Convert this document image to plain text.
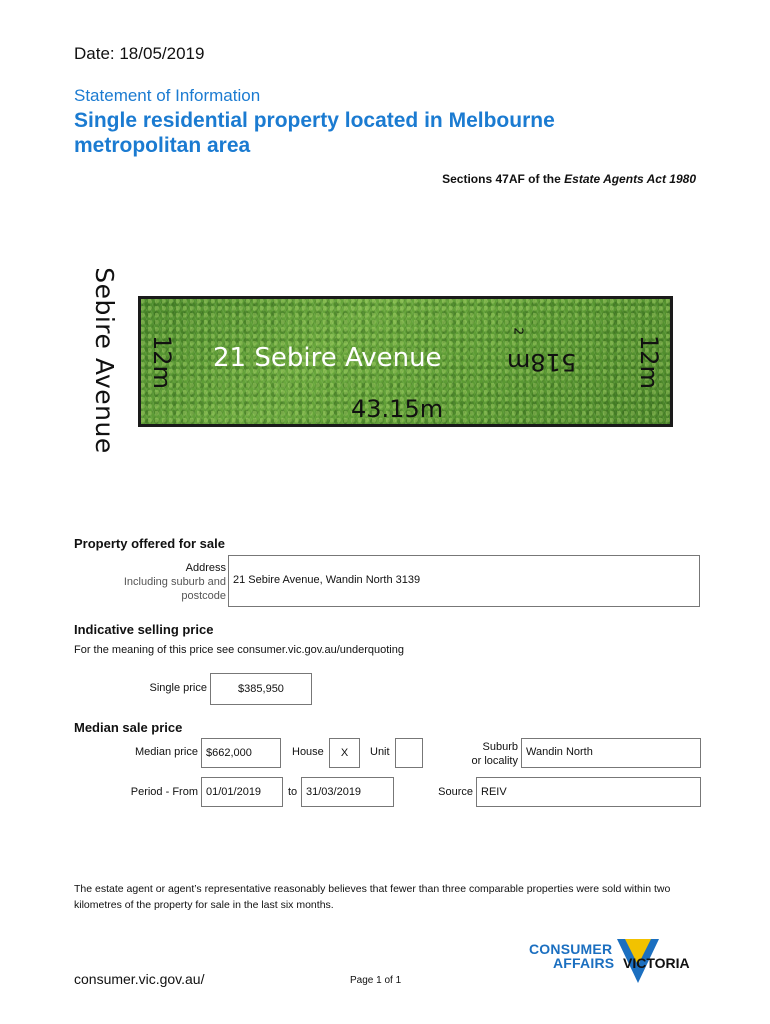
Date: 18/05/2019
Statement of Information
Single residential property located in Melbourne metropolitan area
Sections 47AF of the Estate Agents Act 1980
Sebire Avenue 12m 21 Sebire Avenue	518m
$^2$
12m
43.15m
Property offered for sale
Address
Including suburb and
postcode
21 Sebire Avenue, Wandin North 3139
Indicative selling price
For the meaning of this price see consumer.vic.gov.au/underquoting
Single price	$385,950
Median sale price
Median price $662,000	House X Unit	Suburb
or locality
Wandin North
Period - From 01/01/2019 to 31/03/2019	Source REIV
The estate agent or agent’s representative reasonably believes that fewer than three comparable properties were sold within two kilometres of the property for sale in the last six months.
CONSUMER
AFFAIRS VICTORIA
consumer.vic.gov.au/	Page 1 of 1
